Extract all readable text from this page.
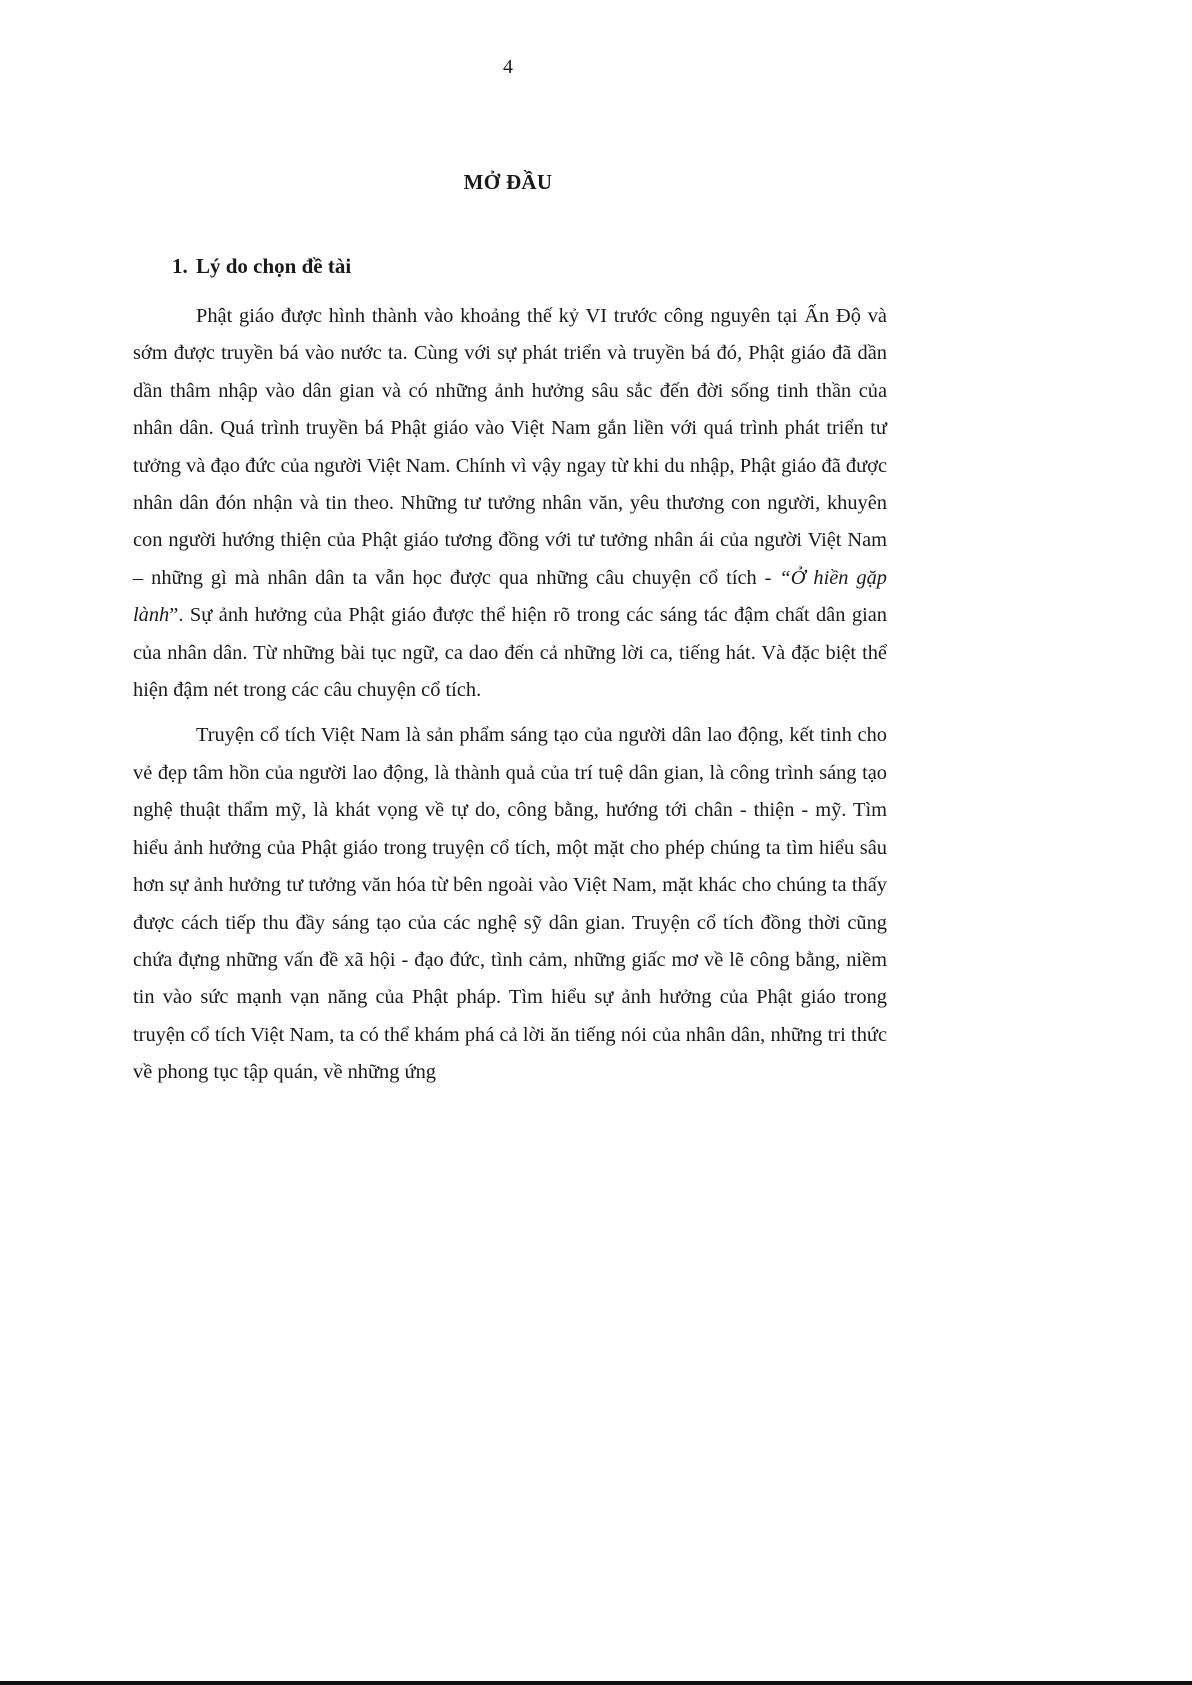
4
MỞ ĐẦU
1. Lý do chọn đề tài

Phật giáo được hình thành vào khoảng thế kỷ VI trước công nguyên tại Ấn Độ và sớm được truyền bá vào nước ta. Cùng với sự phát triển và truyền bá đó, Phật giáo đã dần dần thâm nhập vào dân gian và có những ảnh hưởng sâu sắc đến đời sống tinh thần của nhân dân. Quá trình truyền bá Phật giáo vào Việt Nam gắn liền với quá trình phát triển tư tưởng và đạo đức của người Việt Nam. Chính vì vậy ngay từ khi du nhập, Phật giáo đã được nhân dân đón nhận và tin theo. Những tư tưởng nhân văn, yêu thương con người, khuyên con người hướng thiện của Phật giáo tương đồng với tư tưởng nhân ái của người Việt Nam – những gì mà nhân dân ta vẫn học được qua những câu chuyện cổ tích - “Ở hiền gặp lành”. Sự ảnh hưởng của Phật giáo được thể hiện rõ trong các sáng tác đậm chất dân gian của nhân dân. Từ những bài tục ngữ, ca dao đến cả những lời ca, tiếng hát. Và đặc biệt thể hiện đậm nét trong các câu chuyện cổ tích.

Truyện cổ tích Việt Nam là sản phẩm sáng tạo của người dân lao động, kết tinh cho vẻ đẹp tâm hồn của người lao động, là thành quả của trí tuệ dân gian, là công trình sáng tạo nghệ thuật thẩm mỹ, là khát vọng về tự do, công bằng, hướng tới chân - thiện - mỹ. Tìm hiểu ảnh hưởng của Phật giáo trong truyện cổ tích, một mặt cho phép chúng ta tìm hiểu sâu hơn sự ảnh hưởng tư tưởng văn hóa từ bên ngoài vào Việt Nam, mặt khác cho chúng ta thấy được cách tiếp thu đầy sáng tạo của các nghệ sỹ dân gian. Truyện cổ tích đồng thời cũng chứa đựng những vấn đề xã hội - đạo đức, tình cảm, những giấc mơ về lẽ công bằng, niềm tin vào sức mạnh vạn năng của Phật pháp. Tìm hiểu sự ảnh hưởng của Phật giáo trong truyện cổ tích Việt Nam, ta có thể khám phá cả lời ăn tiếng nói của nhân dân, những tri thức về phong tục tập quán, về những ứng
